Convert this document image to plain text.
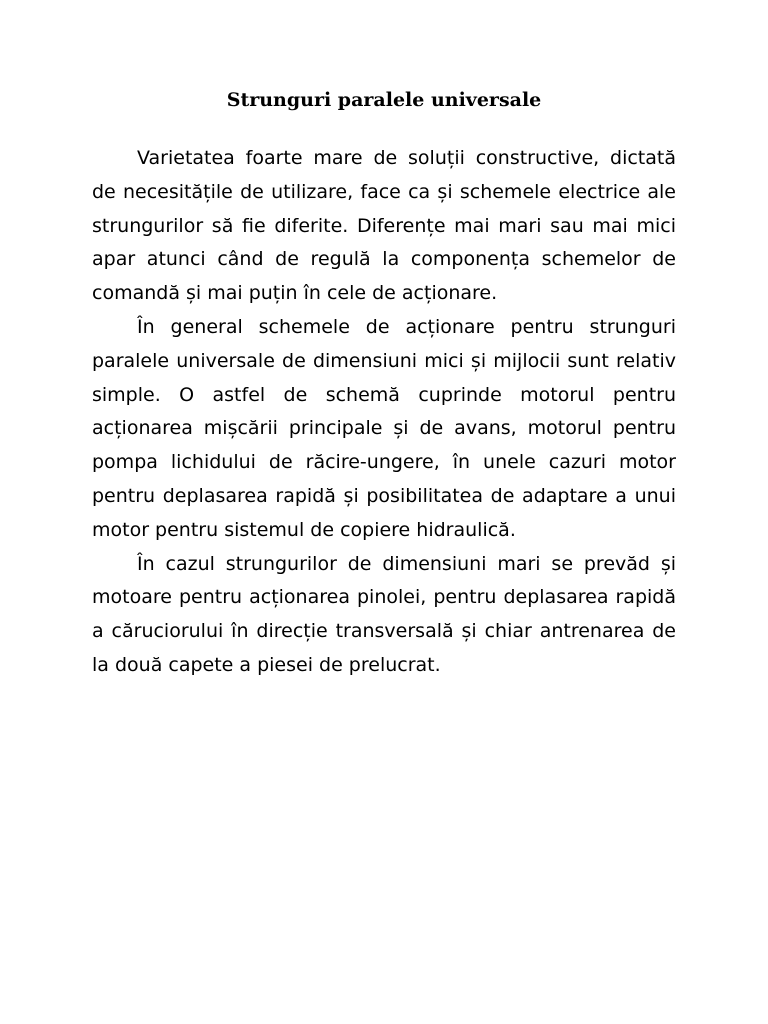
Strunguri paralele universale

Varietatea foarte mare de soluții constructive, dictată de necesitățile de utilizare, face ca și schemele electrice ale strungurilor să fie diferite. Diferențe mai mari sau mai mici apar atunci când de regulă la componența schemelor de comandă și mai puțin în cele de acționare.

În general schemele de acționare pentru strunguri paralele universale de dimensiuni mici și mijlocii sunt relativ simple. O astfel de schemă cuprinde motorul pentru acționarea mișcării principale și de avans, motorul pentru pompa lichidului de răcire-ungere, în unele cazuri motor pentru deplasarea rapidă și posibilitatea de adaptare a unui motor pentru sistemul de copiere hidraulică.

În cazul strungurilor de dimensiuni mari se prevăd și motoare pentru acționarea pinolei, pentru deplasarea rapidă a căruciorului în direcție transversală și chiar antrenarea de la două capete a piesei de prelucrat.
